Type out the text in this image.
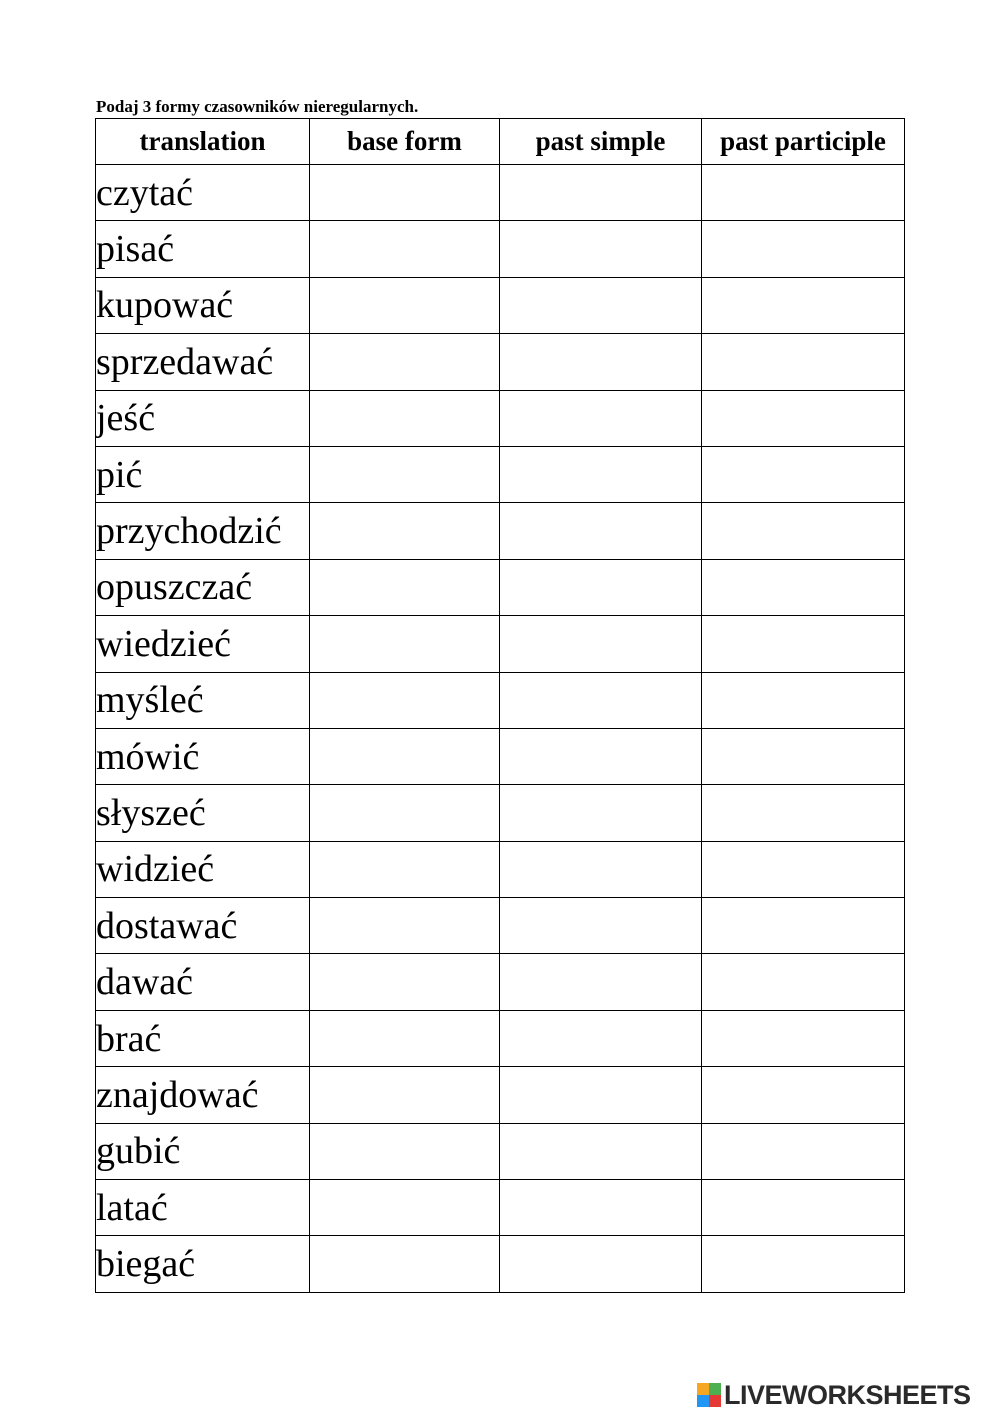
Podaj 3 formy czasowników nieregularnych.
translation	base form	past simple	past participle
czytać			
pisać			
kupować			
sprzedawać			
jeść			
pić			
przychodzić			
opuszczać			
wiedzieć			
myśleć			
mówić			
słyszeć			
widzieć			
dostawać			
dawać			
brać			
znajdować			
gubić			
latać			
biegać			
LIVEWORKSHEETS
